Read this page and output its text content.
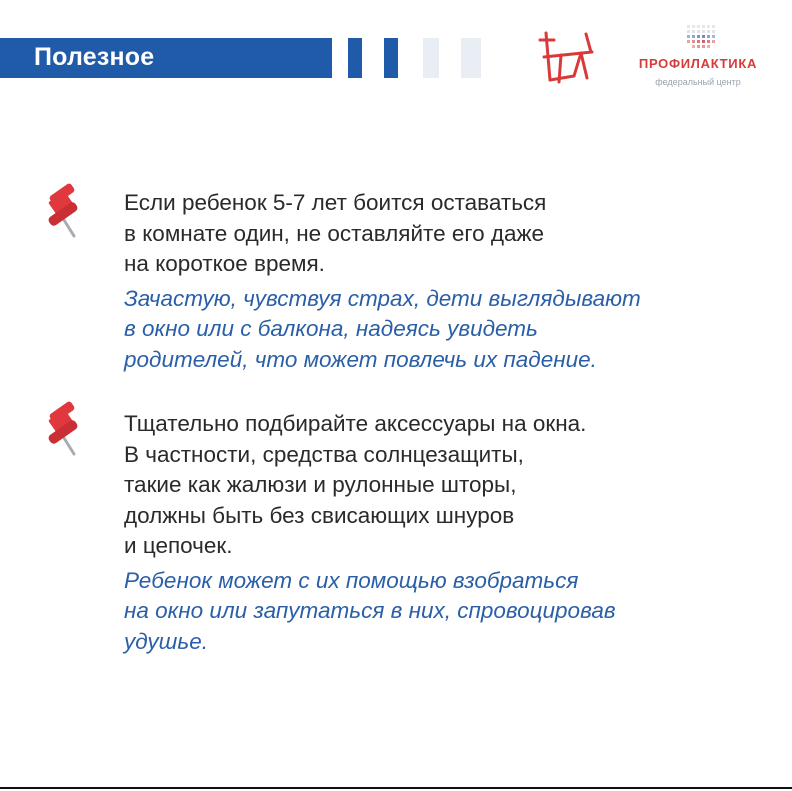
Полезное	ПРОФИЛАКТИКА
федеральный центр
Если ребенок 5-7 лет боится оставаться
в комнате один, не оставляйте его даже
на короткое время.
Зачастую, чувствуя страх, дети выглядывают
в окно или с балкона, надеясь увидеть
родителей, что может повлечь их падение.
Тщательно подбирайте аксессуары на окна.
В частности, средства солнцезащиты,
такие как жалюзи и рулонные шторы,
должны быть без свисающих шнуров
и цепочек.
Ребенок может с их помощью взобраться
на окно или запутаться в них, спровоцировав
удушье.
